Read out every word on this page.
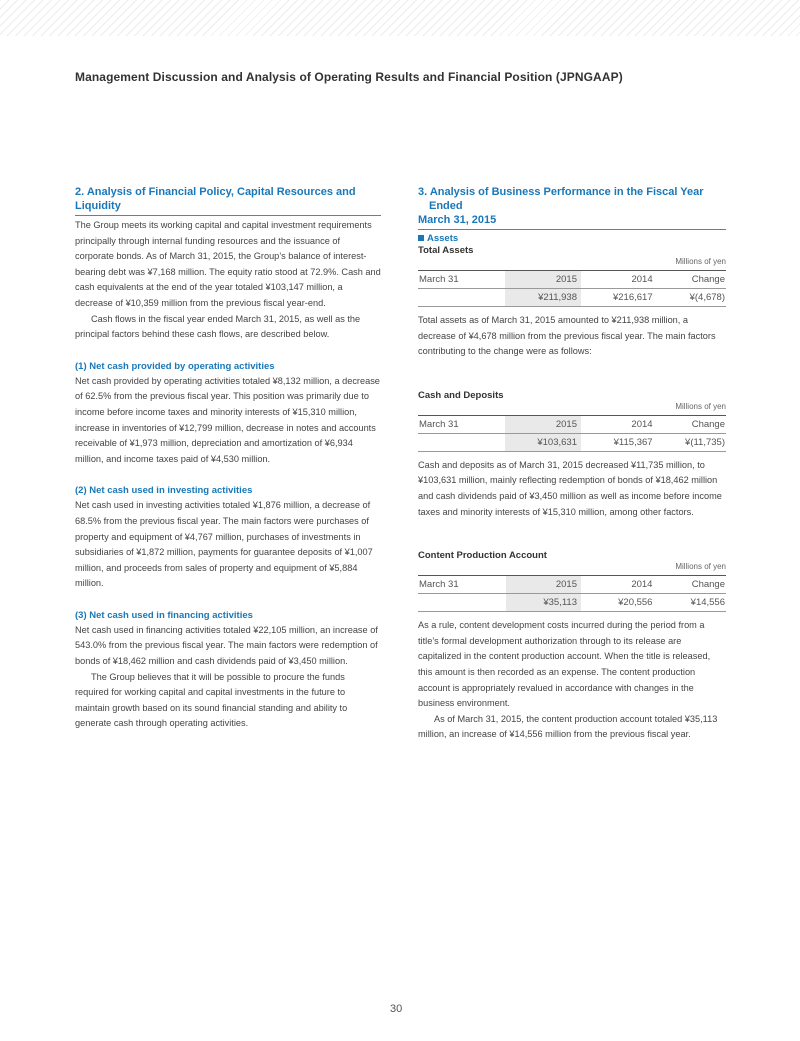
Management Discussion and Analysis of Operating Results and Financial Position (JPNGAAP)
2. Analysis of Financial Policy, Capital Resources and
Liquidity

The Group meets its working capital and capital investment requirements principally through internal funding resources and the issuance of corporate bonds. As of March 31, 2015, the Group’s balance of interest-bearing debt was ¥7,168 million. The equity ratio stood at 72.9%. Cash and cash equivalents at the end of the year totaled ¥103,147 million, a decrease of ¥10,359 million from the previous fiscal year-end.

Cash flows in the fiscal year ended March 31, 2015, as well as the principal factors behind these cash flows, are described below.

(1) Net cash provided by operating activities

Net cash provided by operating activities totaled ¥8,132 million, a decrease of 62.5% from the previous fiscal year. This position was primarily due to income before income taxes and minority interests of ¥15,310 million, increase in inventories of ¥12,799 million, decrease in notes and accounts receivable of ¥1,973 million, depreciation and amortization of ¥6,934 million, and income taxes paid of ¥4,530 million.

(2) Net cash used in investing activities

Net cash used in investing activities totaled ¥1,876 million, a decrease of 68.5% from the previous fiscal year. The main factors were purchases of property and equipment of ¥4,767 million, purchases of investments in subsidiaries of ¥1,872 million, payments for guarantee deposits of ¥1,007 million, and proceeds from sales of property and equipment of ¥5,884 million.

(3) Net cash used in financing activities

Net cash used in financing activities totaled ¥22,105 million, an increase of 543.0% from the previous fiscal year. The main factors were redemption of bonds of ¥18,462 million and cash dividends paid of ¥3,450 million.

The Group believes that it will be possible to procure the funds required for working capital and capital investments in the future to maintain growth based on its sound financial standing and ability to generate cash through operating activities.

3. Analysis of Business Performance in the Fiscal Year Ended
March 31, 2015
Assets
Total Assets
Millions of yen
March 31	2015	2014	Change
	¥211,938	¥216,617	¥(4,678)

Total assets as of March 31, 2015 amounted to ¥211,938 million, a decrease of ¥4,678 million from the previous fiscal year. The main factors contributing to the change were as follows:

Cash and Deposits
Millions of yen
March 31	2015	2014	Change
	¥103,631	¥115,367	¥(11,735)

Cash and deposits as of March 31, 2015 decreased ¥11,735 million, to ¥103,631 million, mainly reflecting redemption of bonds of ¥18,462 million and cash dividends paid of ¥3,450 million as well as income before income taxes and minority interests of ¥15,310 million, among other factors.

Content Production Account
Millions of yen
March 31	2015	2014	Change
	¥35,113	¥20,556	¥14,556

As a rule, content development costs incurred during the period from a title’s formal development authorization through to its release are capitalized in the content production account. When the title is released, this amount is then recorded as an expense. The content production account is appropriately revalued in accordance with changes in the business environment.

As of March 31, 2015, the content production account totaled ¥35,113 million, an increase of ¥14,556 million from the previous fiscal year.

30
